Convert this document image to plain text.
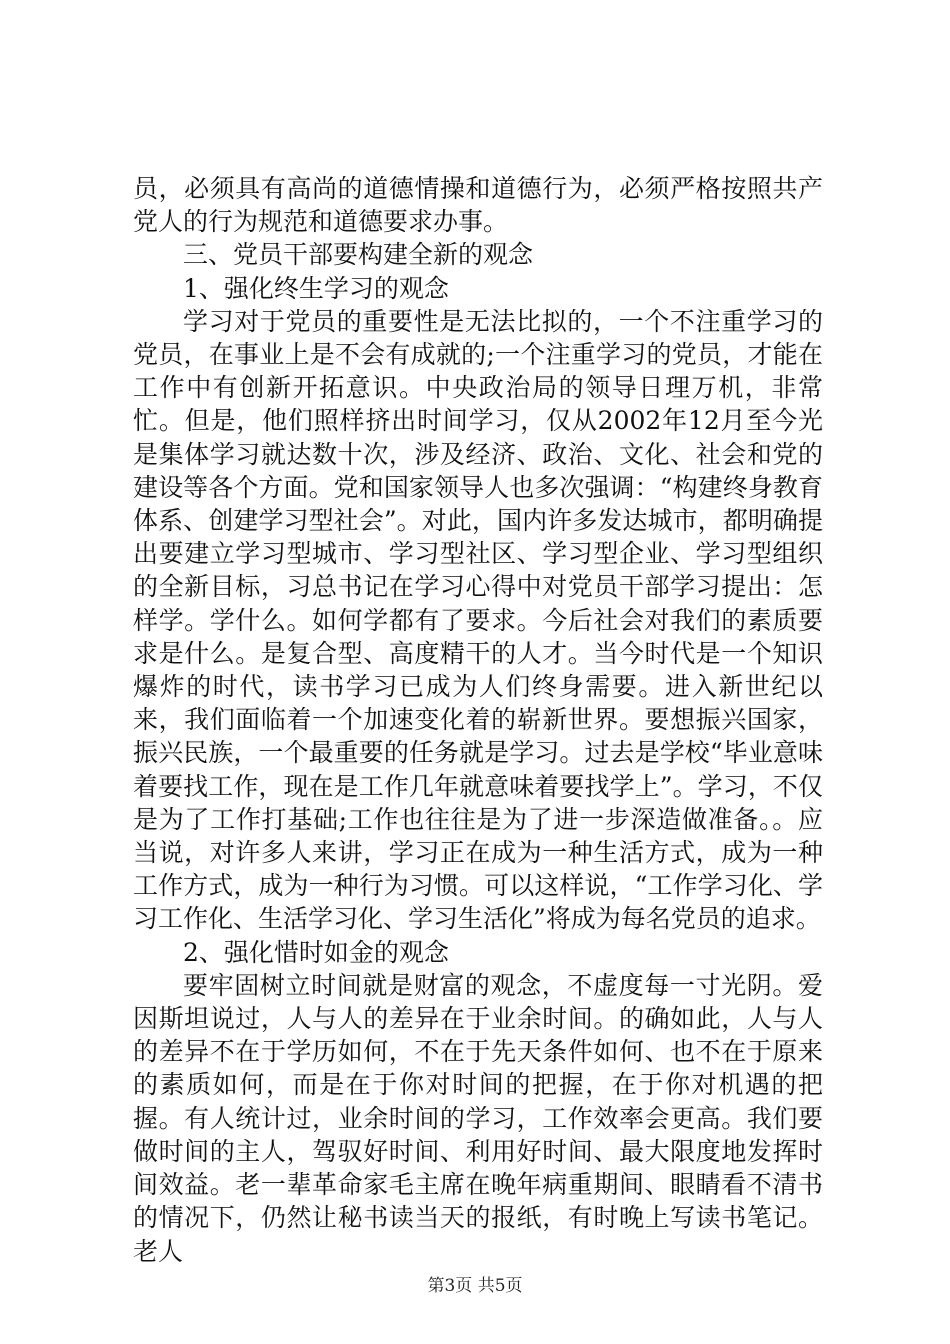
员，必须具有高尚的道德情操和道德行为，必须严格按照共产党人的行为规范和道德要求办事。

三、党员干部要构建全新的观念

1、强化终生学习的观念

学习对于党员的重要性是无法比拟的，一个不注重学习的党员，在事业上是不会有成就的;一个注重学习的党员，才能在工作中有创新开拓意识。中央政治局的领导日理万机，非常忙。但是，他们照样挤出时间学习，仅从2002年12月至今光是集体学习就达数十次，涉及经济、政治、文化、社会和党的建设等各个方面。党和国家领导人也多次强调：“构建终身教育体系、创建学习型社会”。对此，国内许多发达城市，都明确提出要建立学习型城市、学习型社区、学习型企业、学习型组织的全新目标，习总书记在学习心得中对党员干部学习提出：怎样学。学什么。如何学都有了要求。今后社会对我们的素质要求是什么。是复合型、高度精干的人才。当今时代是一个知识爆炸的时代，读书学习已成为人们终身需要。进入新世纪以来，我们面临着一个加速变化着的崭新世界。要想振兴国家，振兴民族，一个最重要的任务就是学习。过去是学校“毕业意味着要找工作，现在是工作几年就意味着要找学上”。学习，不仅是为了工作打基础;工作也往往是为了进一步深造做准备。。应当说，对许多人来讲，学习正在成为一种生活方式，成为一种工作方式，成为一种行为习惯。可以这样说，“工作学习化、学习工作化、生活学习化、学习生活化”将成为每名党员的追求。

2、强化惜时如金的观念

要牢固树立时间就是财富的观念，不虚度每一寸光阴。爱因斯坦说过，人与人的差异在于业余时间。的确如此，人与人的差异不在于学历如何，不在于先天条件如何、也不在于原来的素质如何，而是在于你对时间的把握，在于你对机遇的把握。有人统计过，业余时间的学习，工作效率会更高。我们要做时间的主人，驾驭好时间、利用好时间、最大限度地发挥时间效益。老一辈革命家毛主席在晚年病重期间、眼睛看不清书的情况下，仍然让秘书读当天的报纸，有时晚上写读书笔记。老人

第3页 共5页
